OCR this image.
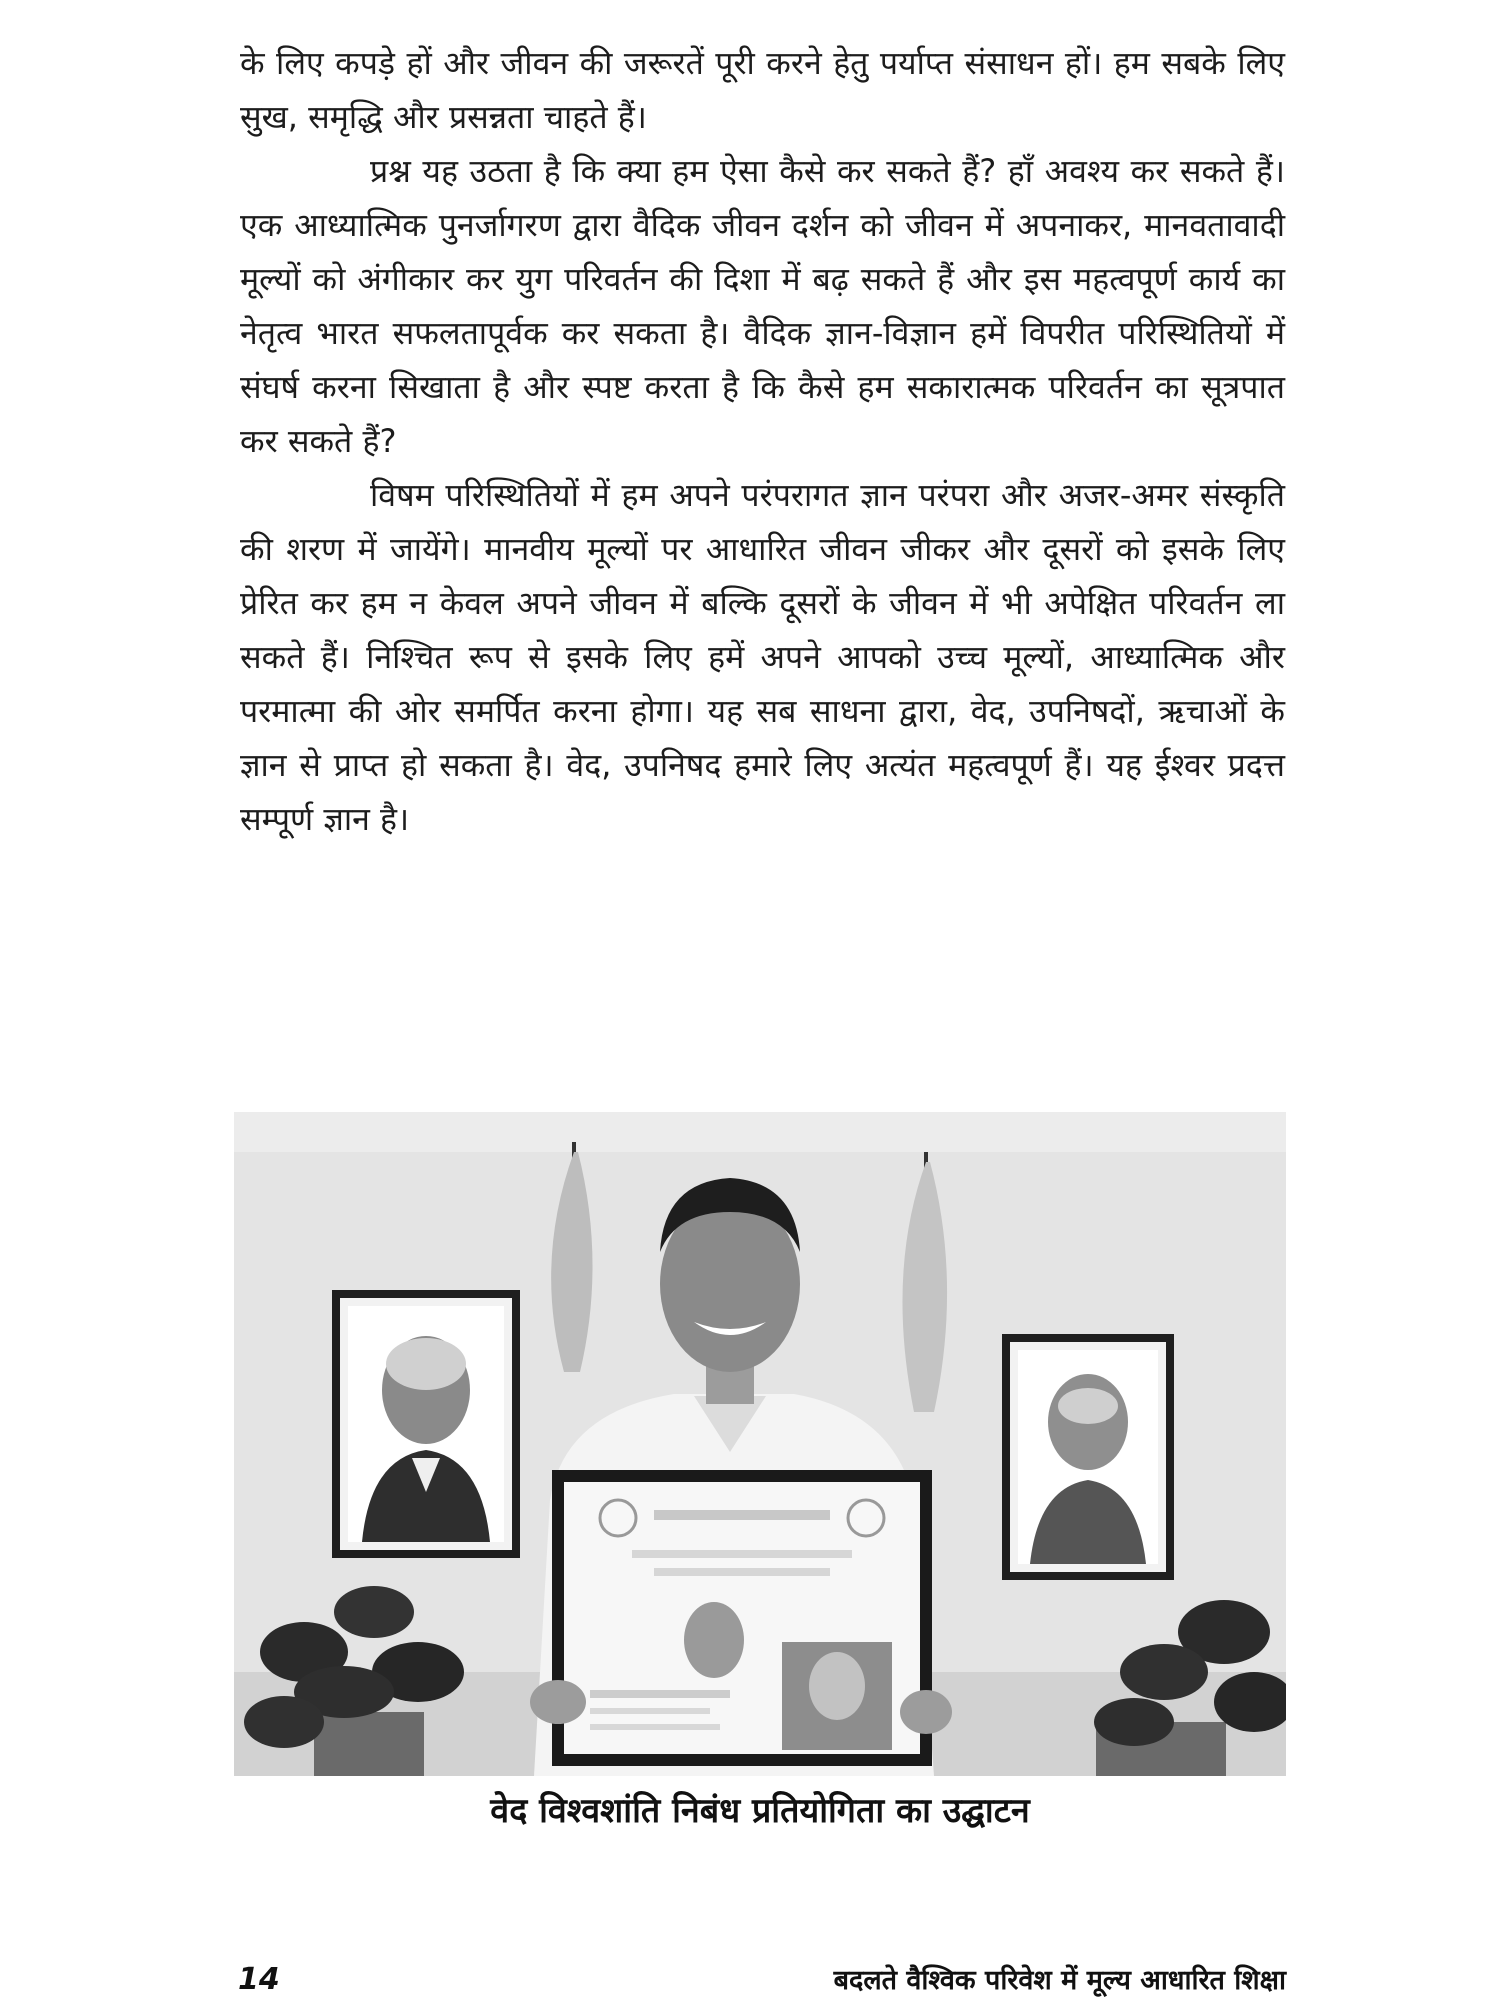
के लिए कपड़े हों और जीवन की जरूरतें पूरी करने हेतु पर्याप्त संसाधन हों। हम सबके लिए सुख, समृद्धि और प्रसन्नता चाहते हैं।

प्रश्न यह उठता है कि क्या हम ऐसा कैसे कर सकते हैं? हाँ अवश्य कर सकते हैं। एक आध्यात्मिक पुनर्जागरण द्वारा वैदिक जीवन दर्शन को जीवन में अपनाकर, मानवतावादी मूल्यों को अंगीकार कर युग परिवर्तन की दिशा में बढ़ सकते हैं और इस महत्वपूर्ण कार्य का नेतृत्व भारत सफलतापूर्वक कर सकता है। वैदिक ज्ञान-विज्ञान हमें विपरीत परिस्थितियों में संघर्ष करना सिखाता है और स्पष्ट करता है कि कैसे हम सकारात्मक परिवर्तन का सूत्रपात कर सकते हैं?

विषम परिस्थितियों में हम अपने परंपरागत ज्ञान परंपरा और अजर-अमर संस्कृति की शरण में जायेंगे। मानवीय मूल्यों पर आधारित जीवन जीकर और दूसरों को इसके लिए प्रेरित कर हम न केवल अपने जीवन में बल्कि दूसरों के जीवन में भी अपेक्षित परिवर्तन ला सकते हैं। निश्चित रूप से इसके लिए हमें अपने आपको उच्च मूल्यों, आध्यात्मिक और परमात्मा की ओर समर्पित करना होगा। यह सब साधना द्वारा, वेद, उपनिषदों, ऋचाओं के ज्ञान से प्राप्त हो सकता है। वेद, उपनिषद हमारे लिए अत्यंत महत्वपूर्ण हैं। यह ईश्वर प्रदत्त सम्पूर्ण ज्ञान है।

वेद विश्वशांति निबंध प्रतियोगिता का उद्घाटन
14	बदलते वैश्विक परिवेश में मूल्य आधारित शिक्षा
